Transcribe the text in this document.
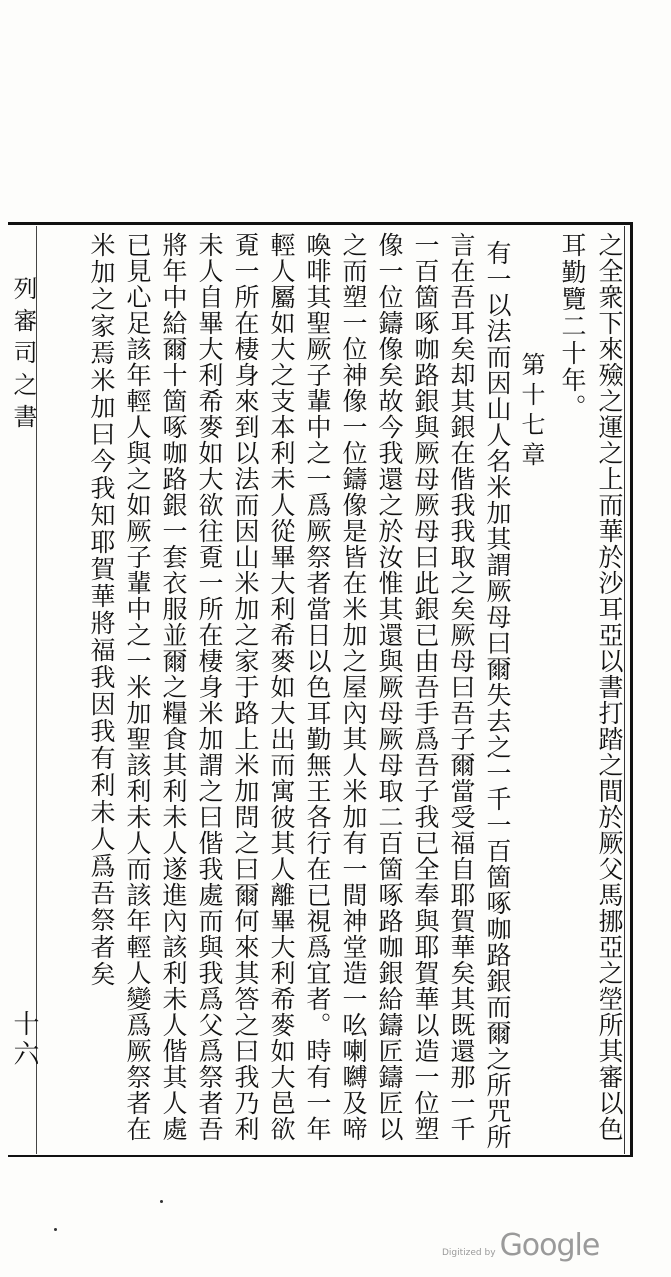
之全衆下來殮之運之上而華於沙耳亞以書打踏之間於厥父馬挪亞之塋所其審以色
耳勤覽二十年。
第十七章
有一以法而因山人名米加其謂厥母曰爾失去之一千一百箇啄咖路銀而爾之所咒所
言在吾耳矣却其銀在偕我我取之矣厥母曰吾子爾當受福自耶賀華矣其既還那一千
一百箇啄咖路銀與厥母厥母曰此銀已由吾手爲吾子我已全奉與耶賀華以造一位塑
像一位鑄像矣故今我還之於汝惟其還與厥母厥母取二百箇啄路咖銀給鑄匠鑄匠以
之而塑一位神像一位鑄像是皆在米加之屋內其人米加有一間神堂造一吆喇嚩及啼
喚啡其聖厥子輩中之一爲厥祭者當日以色耳勤無王各行在已視爲宜者。時有一年
輕人屬如大之支本利未人從畢大利希麥如大出而寓彼其人離畢大利希麥如大邑欲
覔一所在棲身來到以法而因山米加之家于路上米加問之曰爾何來其答之曰我乃利
未人自畢大利希麥如大欲往覔一所在棲身米加謂之曰偕我處而與我爲父爲祭者吾
將年中給爾十箇啄咖路銀一套衣服並爾之糧食其利未人遂進內該利未人偕其人處
已見心足該年輕人與之如厥子輩中之一米加聖該利未人而該年輕人變爲厥祭者在
米加之家焉米加曰今我知耶賀華將福我因我有利未人爲吾祭者矣
列審司之書
十六
Digitized by Google
